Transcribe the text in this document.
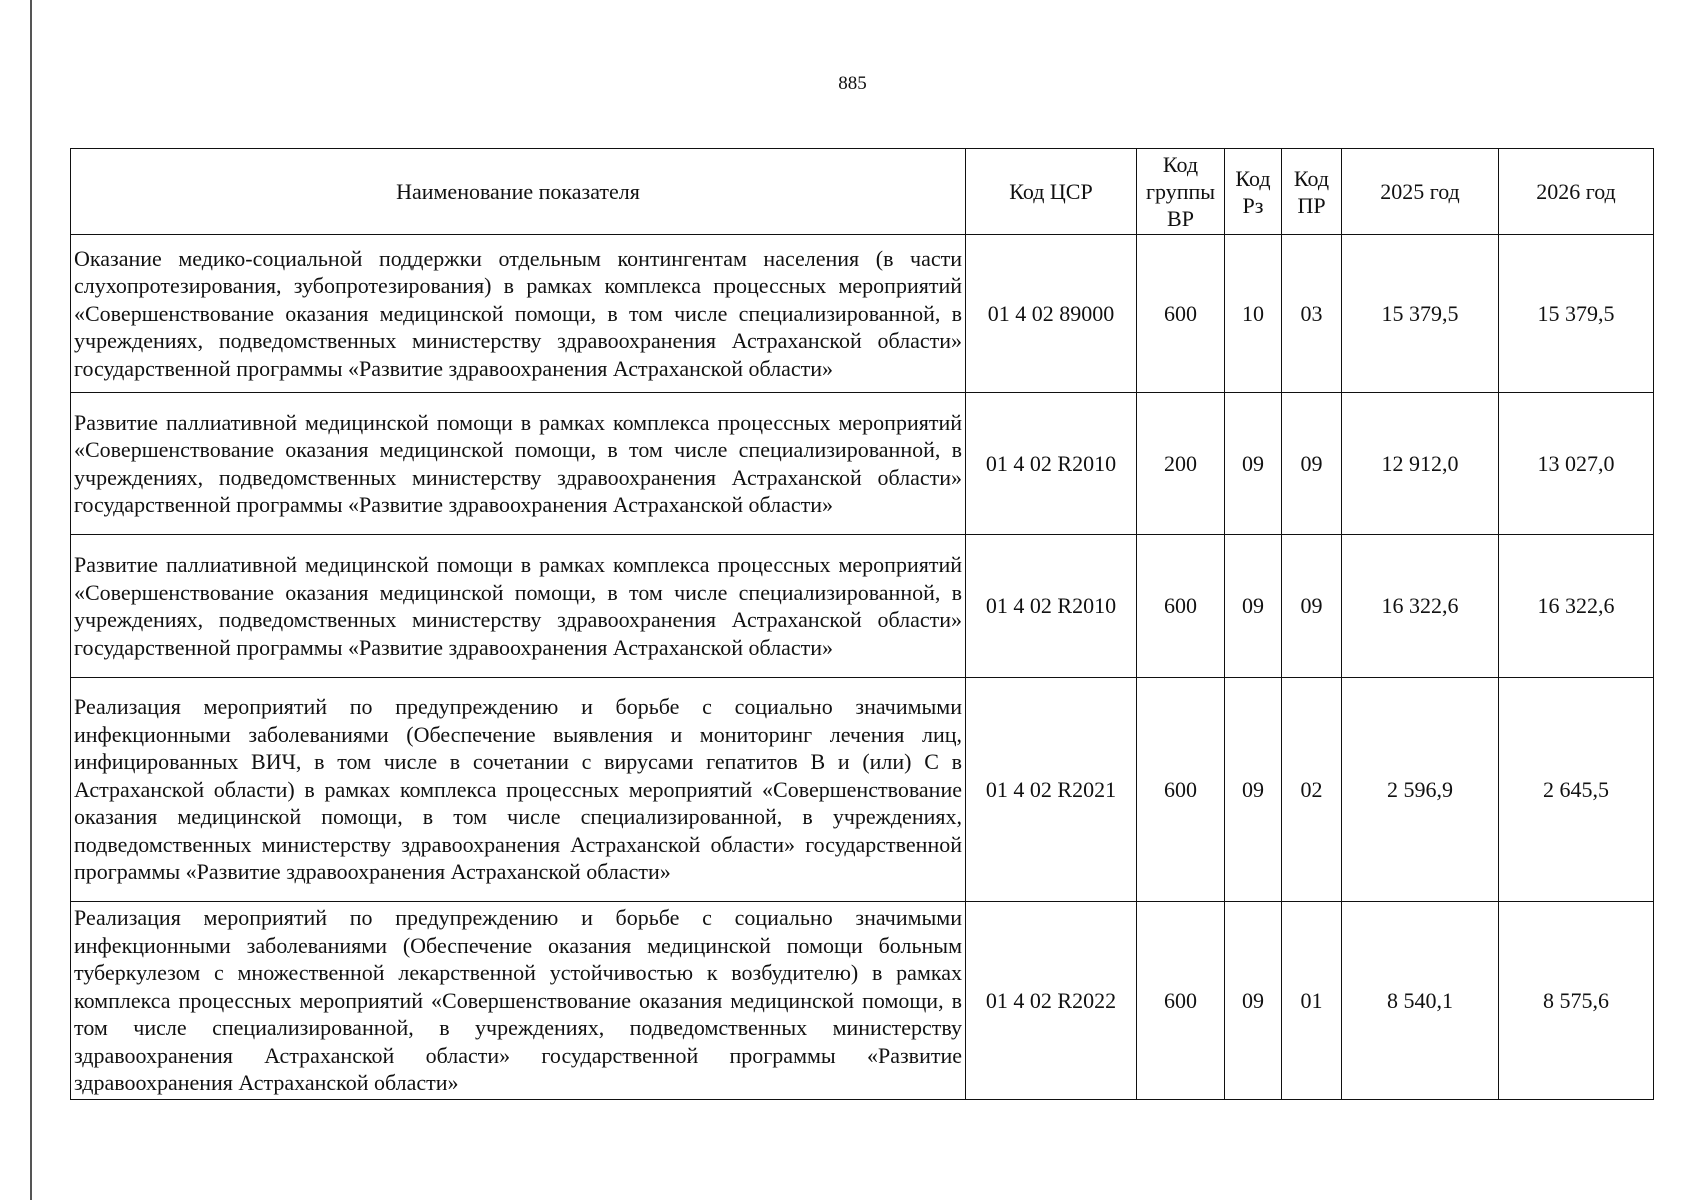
885
Наименование показателя	Код ЦСР	Код группы ВР	Код Рз	Код ПР	2025 год	2026 год
Оказание медико-социальной поддержки отдельным контингентам населения (в части слухопротезирования, зубопротезирования) в рамках комплекса процессных мероприятий «Совершенствование оказания медицинской помощи, в том числе специализированной, в учреждениях, подведомственных министерству здравоохранения Астраханской области» государственной программы «Развитие здравоохранения Астраханской области»	01 4 02 89000	600	10	03	15 379,5	15 379,5
Развитие паллиативной медицинской помощи в рамках комплекса процессных мероприятий «Совершенствование оказания медицинской помощи, в том числе специализированной, в учреждениях, подведомственных министерству здравоохранения Астраханской области» государственной программы «Развитие здравоохранения Астраханской области»	01 4 02 R2010	200	09	09	12 912,0	13 027,0
Развитие паллиативной медицинской помощи в рамках комплекса процессных мероприятий «Совершенствование оказания медицинской помощи, в том числе специализированной, в учреждениях, подведомственных министерству здравоохранения Астраханской области» государственной программы «Развитие здравоохранения Астраханской области»	01 4 02 R2010	600	09	09	16 322,6	16 322,6
Реализация мероприятий по предупреждению и борьбе с социально значимыми инфекционными заболеваниями (Обеспечение выявления и мониторинг лечения лиц, инфицированных ВИЧ, в том числе в сочетании с вирусами гепатитов B и (или) C в Астраханской области) в рамках комплекса процессных мероприятий «Совершенствование оказания медицинской помощи, в том числе специализированной, в учреждениях, подведомственных министерству здравоохранения Астраханской области» государственной программы «Развитие здравоохранения Астраханской области»	01 4 02 R2021	600	09	02	2 596,9	2 645,5
Реализация мероприятий по предупреждению и борьбе с социально значимыми инфекционными заболеваниями (Обеспечение оказания медицинской помощи больным туберкулезом с множественной лекарственной устойчивостью к возбудителю) в рамках комплекса процессных мероприятий «Совершенствование оказания медицинской помощи, в том числе специализированной, в учреждениях, подведомственных министерству здравоохранения Астраханской области» государственной программы «Развитие здравоохранения Астраханской области»	01 4 02 R2022	600	09	01	8 540,1	8 575,6
